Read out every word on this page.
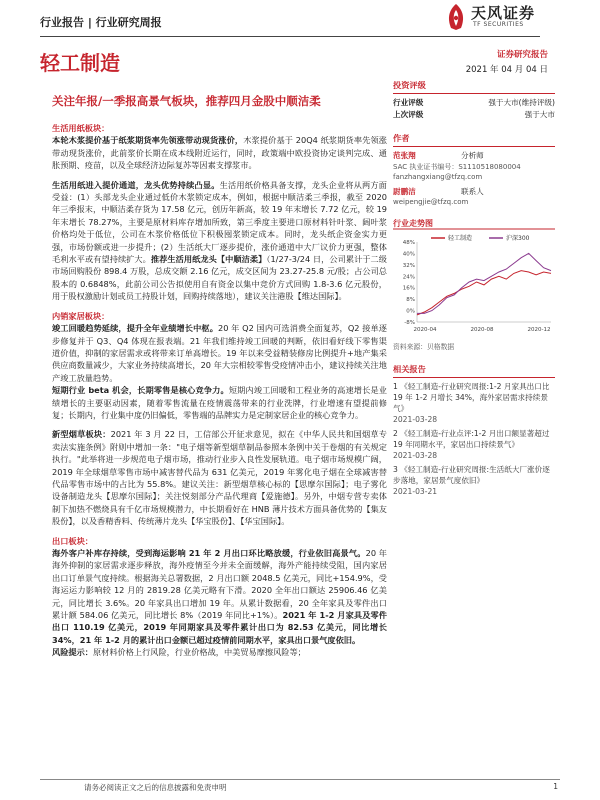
行业报告 | 行业研究周报
天风证券
TF SECURITIES
轻工制造	证券研究报告
2021 年 04 月 04 日
关注年报/一季报高景气板块，推荐四月金股中顺洁柔

生活用纸板块：
本轮木浆提价基于纸浆期货率先领涨带动现货涨价，木浆提价基于 20Q4 纸浆期货率先领涨带动现货涨价，此前浆价长期在成本线附近运行，同时，政策端中欧投资协定谈判完成、通胀预期、疫苗，以及全球经济边际复苏等因素支撑浆市。

生活用纸进入提价通道，龙头优势持续凸显。生活用纸价格具备支撑，龙头企业将从两方面受益：(1）头部龙头企业通过低价木浆锁定成本，例如，根据中顺洁柔三季报，截至 2020 年三季报末，中顺洁柔存货为 17.58 亿元，创历年新高，较 19 年末增长 7.72 亿元，较 19 年末增长 78.27%，主要是原材料库存增加所致，第三季度主要进口原材料针叶浆、阔叶浆价格均处于低位，公司在木浆价格低位下积极囤浆锁定成本。同时，龙头纸企资金实力更强，市场份额或进一步提升；(2）生活纸大厂逐步提价，涨价通道中大厂议价力更强，整体毛利水平或有望持续扩大。推荐生活用纸龙头【中顺洁柔】（1/27-3/24 日，公司累计于二级市场回购股份 898.4 万股，总成交额 2.16 亿元，成交区间为 23.27-25.8 元/股；占公司总股本的 0.6848%，此前公司公告拟使用自有资金以集中竞价方式回购 1.8-3.6 亿元股份，用于股权激励计划或员工持股计划，回购持续落地），建议关注港股【维达国际】。

内销家居板块：
竣工回暖趋势延续，提升全年业绩增长中枢。20 年 Q2 国内可选消费全面复苏，Q2 接单逐步修复并于 Q3、Q4 体现在报表端。21 年我们维持竣工回暖的判断，依旧看好线下零售渠道价值，抑制的家居需求或将带来订单高增长。19 年以来受益精装修房比例提升+地产集采供应商数量减少，大家业务持续高增长，20 年大宗相较零售受疫情冲击小，建议持续关注地产竣工放量趋势。
短期行业 beta 机会，长期零售是核心竞争力。短期内竣工回暖和工程业务的高速增长是业绩增长的主要驱动因素，随着零售流量在疫情震荡带来的行业洗牌，行业增速有望提前修复；长期内，行业集中度仍旧偏低，零售端的品牌实力是定制家居企业的核心竞争力。

新型烟草板块：2021 年 3 月 22 日，工信部公开征求意见，拟在《中华人民共和国烟草专卖法实施条例》附则中增加一条："电子烟等新型烟草制品参照本条例中关于卷烟的有关规定执行。"此举将进一步规范电子烟市场，推动行业步入良性发展轨道。电子烟市场规模广阔，2019 年全球烟草零售市场中减害替代品为 631 亿美元，2019 年雾化电子烟在全球减害替代品零售市场中的占比为 55.8%。建议关注：新型烟草核心标的【思摩尔国际】；电子雾化设备制造龙头【思摩尔国际】；关注悦刻部分产品代理商【爱施德】。另外，中烟专营专卖体制下加热不燃烧具有千亿市场规模潜力，中长期看好在 HNB 薄片技术方面具备优势的【集友股份】，以及香精香料、传统薄片龙头【华宝股份】、【华宝国际】。

出口板块：
海外客户补库存持续，受到海运影响 21 年 2 月出口环比略放缓，行业依旧高景气。20 年海外抑制的家居需求逐步释放，海外疫情至今并未全面缓解，海外产能持续受阻，国内家居出口订单景气度持续。根据海关总署数据，2 月出口额 2048.5 亿美元，同比+154.9%，受海运运力影响较 12 月的 2819.28 亿美元略有下滑。2020 全年出口额达 25906.46 亿美元，同比增长 3.6%。20 年家具出口增加 19 年。从累计数据看，20 全年家具及零件出口累计额 584.06 亿美元，同比增长 8%（2019 年同比+1%）。2021 年 1-2 月家具及零件出口 110.19 亿美元，2019 年同期家具及零件累计出口为 82.53 亿美元，同比增长 34%，21 年 1-2 月的累计出口金额已超过疫情前同期水平，家具出口景气度依旧。
风险提示：原材料价格上行风险，行业价格战，中美贸易摩擦风险等；

投资评级
行业评级	强于大市(维持评级)
上次评级	强于大市
作者
范张翔	分析师
SAC 执业证书编号：S1110518080004
fanzhangxiang@tfzq.com
尉鹏洁	联系人
weipengjie@tfzq.com
行业走势图
48%
40%
32%
24%
16%
8%
0%
-8%
2020-04	2020-08	2020-12
轻工制造	沪深300
资料来源：贝格数据
相关报告
1 《轻工制造-行业研究周报:1-2 月家具出口比 19 年 1-2 月增长 34%，海外家居需求持续景气》
2021-03-28
2 《轻工制造-行业点评:1-2 月出口额显著超过 19 年同期水平，家居出口持续景气》
2021-03-28
3 《轻工制造-行业研究周报:生活纸大厂涨价逐步落地，家居景气度依旧》
2021-03-21
请务必阅读正文之后的信息披露和免责申明	1
